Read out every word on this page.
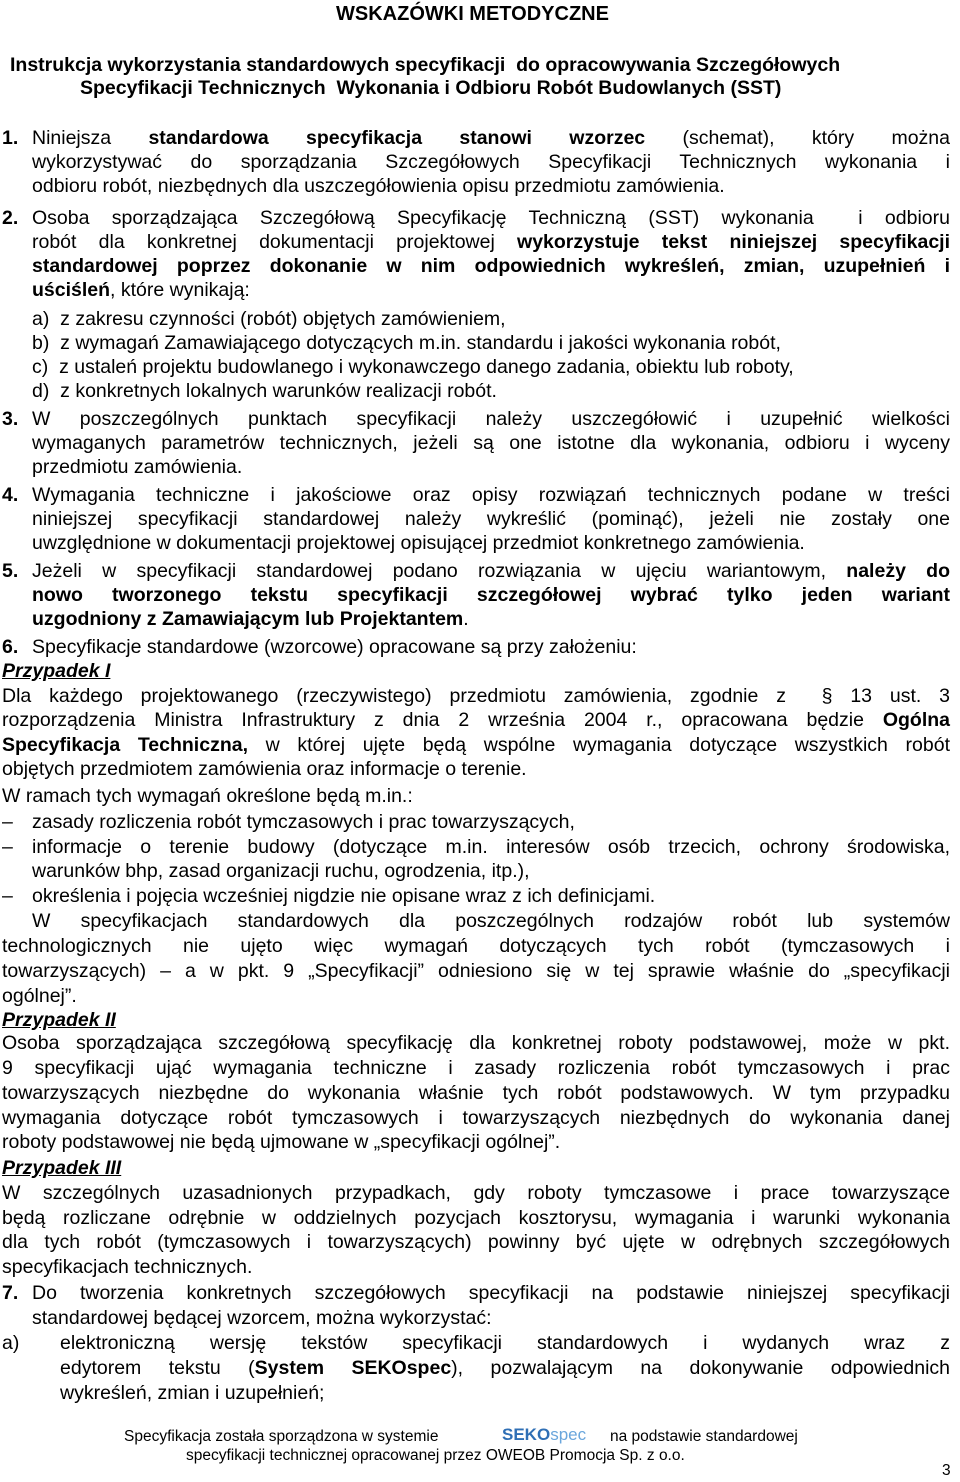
WSKAZÓWKI METODYCZNE
Instrukcja wykorzystania standardowych specyfikacji  do opracowywania Szczegółowych
Specyfikacji Technicznych  Wykonania i Odbioru Robót Budowlanych (SST)
1. Niniejsza standardowa specyfikacja stanowi wzorzec (schemat), który można
wykorzystywać do sporządzania Szczegółowych Specyfikacji Technicznych wykonania i
odbioru robót, niezbędnych dla uszczegółowienia opisu przedmiotu zamówienia.
2. Osoba sporządzająca Szczegółową Specyfikację Techniczną (SST) wykonania  i odbioru
robót dla konkretnej dokumentacji projektowej wykorzystuje tekst niniejszej specyfikacji
standardowej poprzez dokonanie w nim odpowiednich wykreśleń, zmian, uzupełnień i
uściśleń, które wynikają:
a)  z zakresu czynności (robót) objętych zamówieniem,
b)  z wymagań Zamawiającego dotyczących m.in. standardu i jakości wykonania robót,
c)  z ustaleń projektu budowlanego i wykonawczego danego zadania, obiektu lub roboty,
d)  z konkretnych lokalnych warunków realizacji robót.
3. W poszczególnych punktach specyfikacji należy uszczegółowić i uzupełnić wielkości
wymaganych parametrów technicznych, jeżeli są one istotne dla wykonania, odbioru i wyceny
przedmiotu zamówienia.
4. Wymagania techniczne i jakościowe oraz opisy rozwiązań technicznych podane w treści
niniejszej specyfikacji standardowej należy wykreślić (pominąć), jeżeli nie zostały one
uwzględnione w dokumentacji projektowej opisującej przedmiot konkretnego zamówienia.
5. Jeżeli w specyfikacji standardowej podano rozwiązania w ujęciu wariantowym, należy do
nowo tworzonego tekstu specyfikacji szczegółowej wybrać tylko jeden wariant
uzgodniony z Zamawiającym lub Projektantem.
6. Specyfikacje standardowe (wzorcowe) opracowane są przy założeniu:
Przypadek I
Dla każdego projektowanego (rzeczywistego) przedmiotu zamówienia, zgodnie z  § 13 ust. 3
rozporządzenia Ministra Infrastruktury z dnia 2 września 2004 r., opracowana będzie Ogólna
Specyfikacja Techniczna, w której ujęte będą wspólne wymagania dotyczące wszystkich robót
objętych przedmiotem zamówienia oraz informacje o terenie.
W ramach tych wymagań określone będą m.in.:
– zasady rozliczenia robót tymczasowych i prac towarzyszących,
– informacje o terenie budowy (dotyczące m.in. interesów osób trzecich, ochrony środowiska,
warunków bhp, zasad organizacji ruchu, ogrodzenia, itp.),
– określenia i pojęcia wcześniej nigdzie nie opisane wraz z ich definicjami.
W specyfikacjach standardowych dla poszczególnych rodzajów robót lub systemów
technologicznych nie ujęto więc wymagań dotyczących tych robót (tymczasowych i
towarzyszących) – a w pkt. 9 „Specyfikacji” odniesiono się w tej sprawie właśnie do „specyfikacji
ogólnej”.
Przypadek II
Osoba sporządzająca szczegółową specyfikację dla konkretnej roboty podstawowej, może w pkt.
9 specyfikacji ująć wymagania techniczne i zasady rozliczenia robót tymczasowych i prac
towarzyszących niezbędne do wykonania właśnie tych robót podstawowych. W tym przypadku
wymagania dotyczące robót tymczasowych i towarzyszących niezbędnych do wykonania danej
roboty podstawowej nie będą ujmowane w „specyfikacji ogólnej”.
Przypadek III
W szczególnych uzasadnionych przypadkach, gdy roboty tymczasowe i prace towarzyszące
będą rozliczane odrębnie w oddzielnych pozycjach kosztorysu, wymagania i warunki wykonania
dla tych robót (tymczasowych i towarzyszących) powinny być ujęte w odrębnych szczegółowych
specyfikacjach technicznych.
7. Do tworzenia konkretnych szczegółowych specyfikacji na podstawie niniejszej specyfikacji
standardowej będącej wzorcem, można wykorzystać:
a) elektroniczną wersję tekstów specyfikacji standardowych i wydanych wraz z
edytorem tekstu (System SEKOspec), pozwalającym na dokonywanie odpowiednich
wykreśleń, zmian i uzupełnień;
Specyfikacja została sporządzona w systemie	SEKOspec na podstawie standardowej
specyfikacji technicznej opracowanej przez OWEOB Promocja Sp. z o.o.
3
